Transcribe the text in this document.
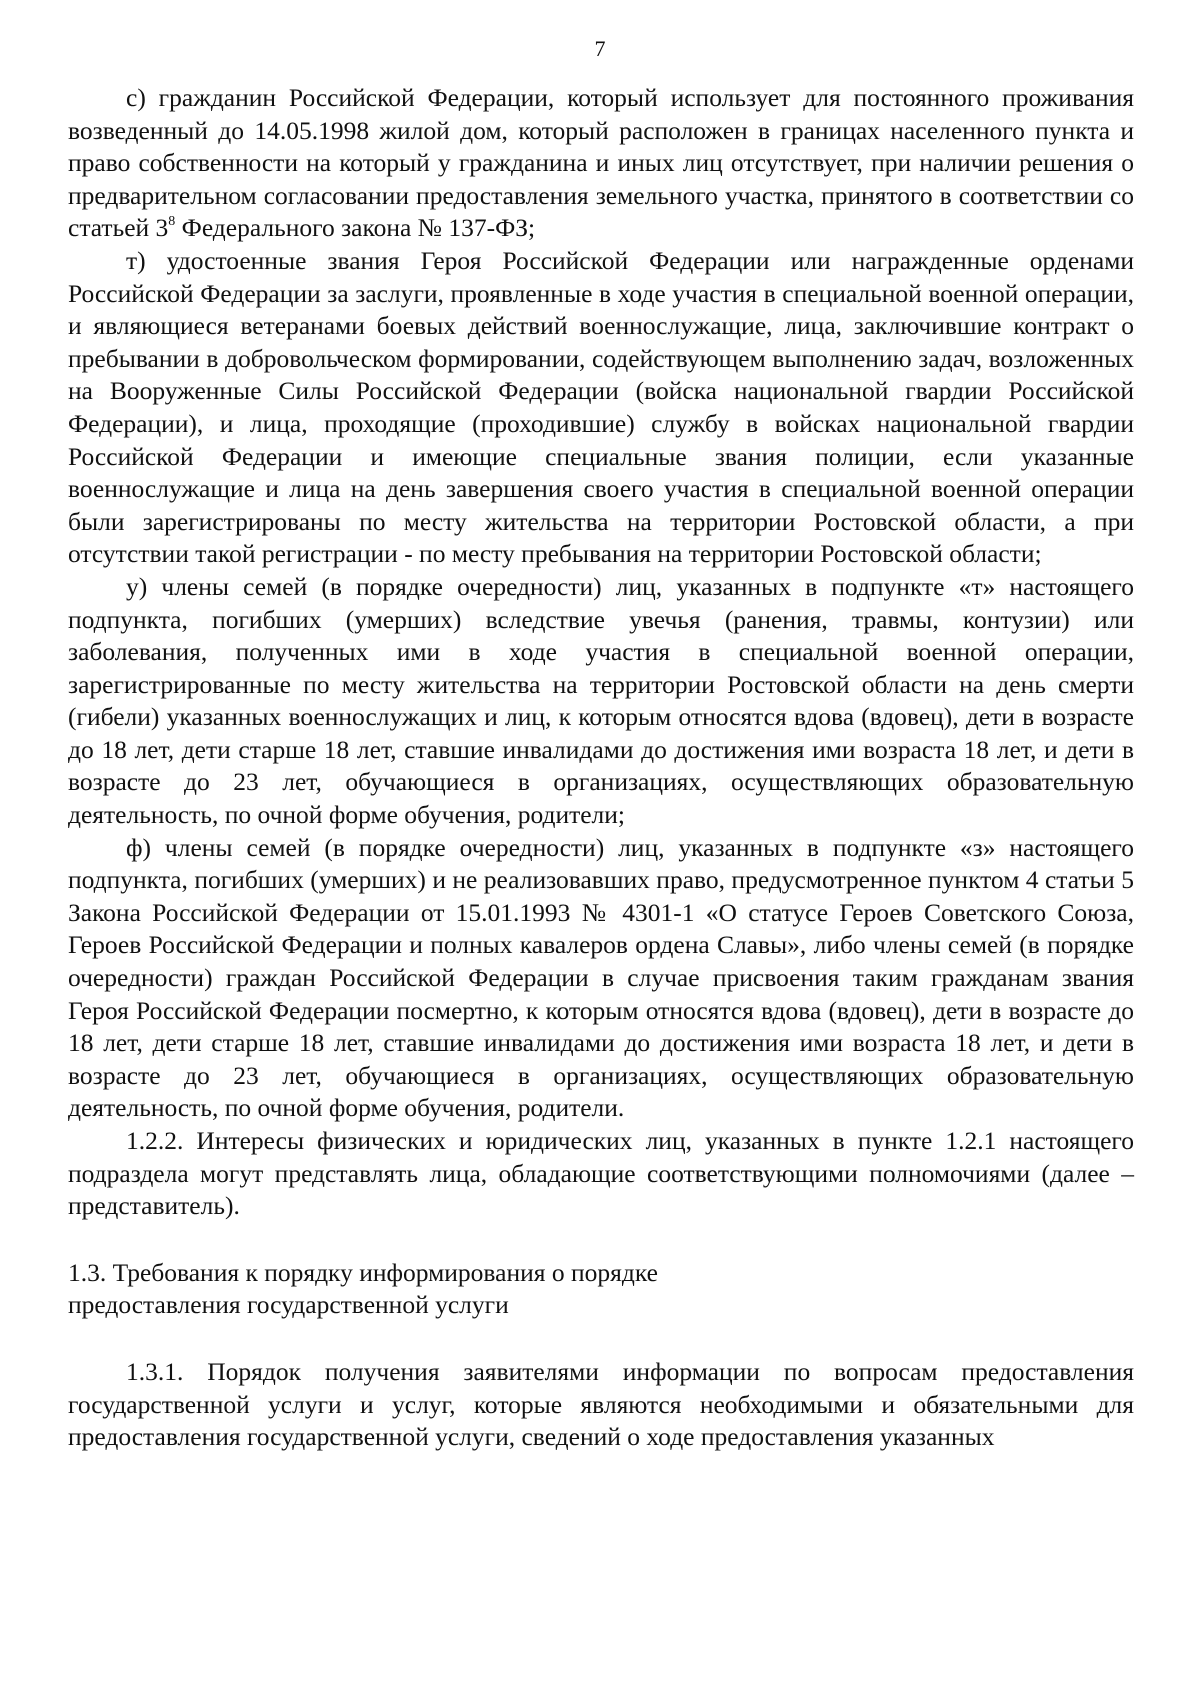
7

с) гражданин Российской Федерации, который использует для постоянного проживания возведенный до 14.05.1998 жилой дом, который расположен в границах населенного пункта и право собственности на который у гражданина и иных лиц отсутствует, при наличии решения о предварительном согласовании предоставления земельного участка, принятого в соответствии со статьей $3^8$ Федерального закона № 137-ФЗ;

т) удостоенные звания Героя Российской Федерации или награжденные орденами Российской Федерации за заслуги, проявленные в ходе участия в специальной военной операции, и являющиеся ветеранами боевых действий военнослужащие, лица, заключившие контракт о пребывании в добровольческом формировании, содействующем выполнению задач, возложенных на Вооруженные Силы Российской Федерации (войска национальной гвардии Российской Федерации), и лица, проходящие (проходившие) службу в войсках национальной гвардии Российской Федерации и имеющие специальные звания полиции, если указанные военнослужащие и лица на день завершения своего участия в специальной военной операции были зарегистрированы по месту жительства на территории Ростовской области, а при отсутствии такой регистрации - по месту пребывания на территории Ростовской области;

у) члены семей (в порядке очередности) лиц, указанных в подпункте «т» настоящего подпункта, погибших (умерших) вследствие увечья (ранения, травмы, контузии) или заболевания, полученных ими в ходе участия в специальной военной операции, зарегистрированные по месту жительства на территории Ростовской области на день смерти (гибели) указанных военнослужащих и лиц, к которым относятся вдова (вдовец), дети в возрасте до 18 лет, дети старше 18 лет, ставшие инвалидами до достижения ими возраста 18 лет, и дети в возрасте до 23 лет, обучающиеся в организациях, осуществляющих образовательную деятельность, по очной форме обучения, родители;

ф) члены семей (в порядке очередности) лиц, указанных в подпункте «з» настоящего подпункта, погибших (умерших) и не реализовавших право, предусмотренное пунктом 4 статьи 5 Закона Российской Федерации от 15.01.1993 № 4301-1 «О статусе Героев Советского Союза, Героев Российской Федерации и полных кавалеров ордена Славы», либо члены семей (в порядке очередности) граждан Российской Федерации в случае присвоения таким гражданам звания Героя Российской Федерации посмертно, к которым относятся вдова (вдовец), дети в возрасте до 18 лет, дети старше 18 лет, ставшие инвалидами до достижения ими возраста 18 лет, и дети в возрасте до 23 лет, обучающиеся в организациях, осуществляющих образовательную деятельность, по очной форме обучения, родители.

1.2.2. Интересы физических и юридических лиц, указанных в пункте 1.2.1 настоящего подраздела могут представлять лица, обладающие соответствующими полномочиями (далее – представитель).

1.3. Требования к порядку информирования о порядке
предоставления государственной услуги

1.3.1. Порядок получения заявителями информации по вопросам предоставления государственной услуги и услуг, которые являются необходимыми и обязательными для предоставления государственной услуги, сведений о ходе предоставления указанных
